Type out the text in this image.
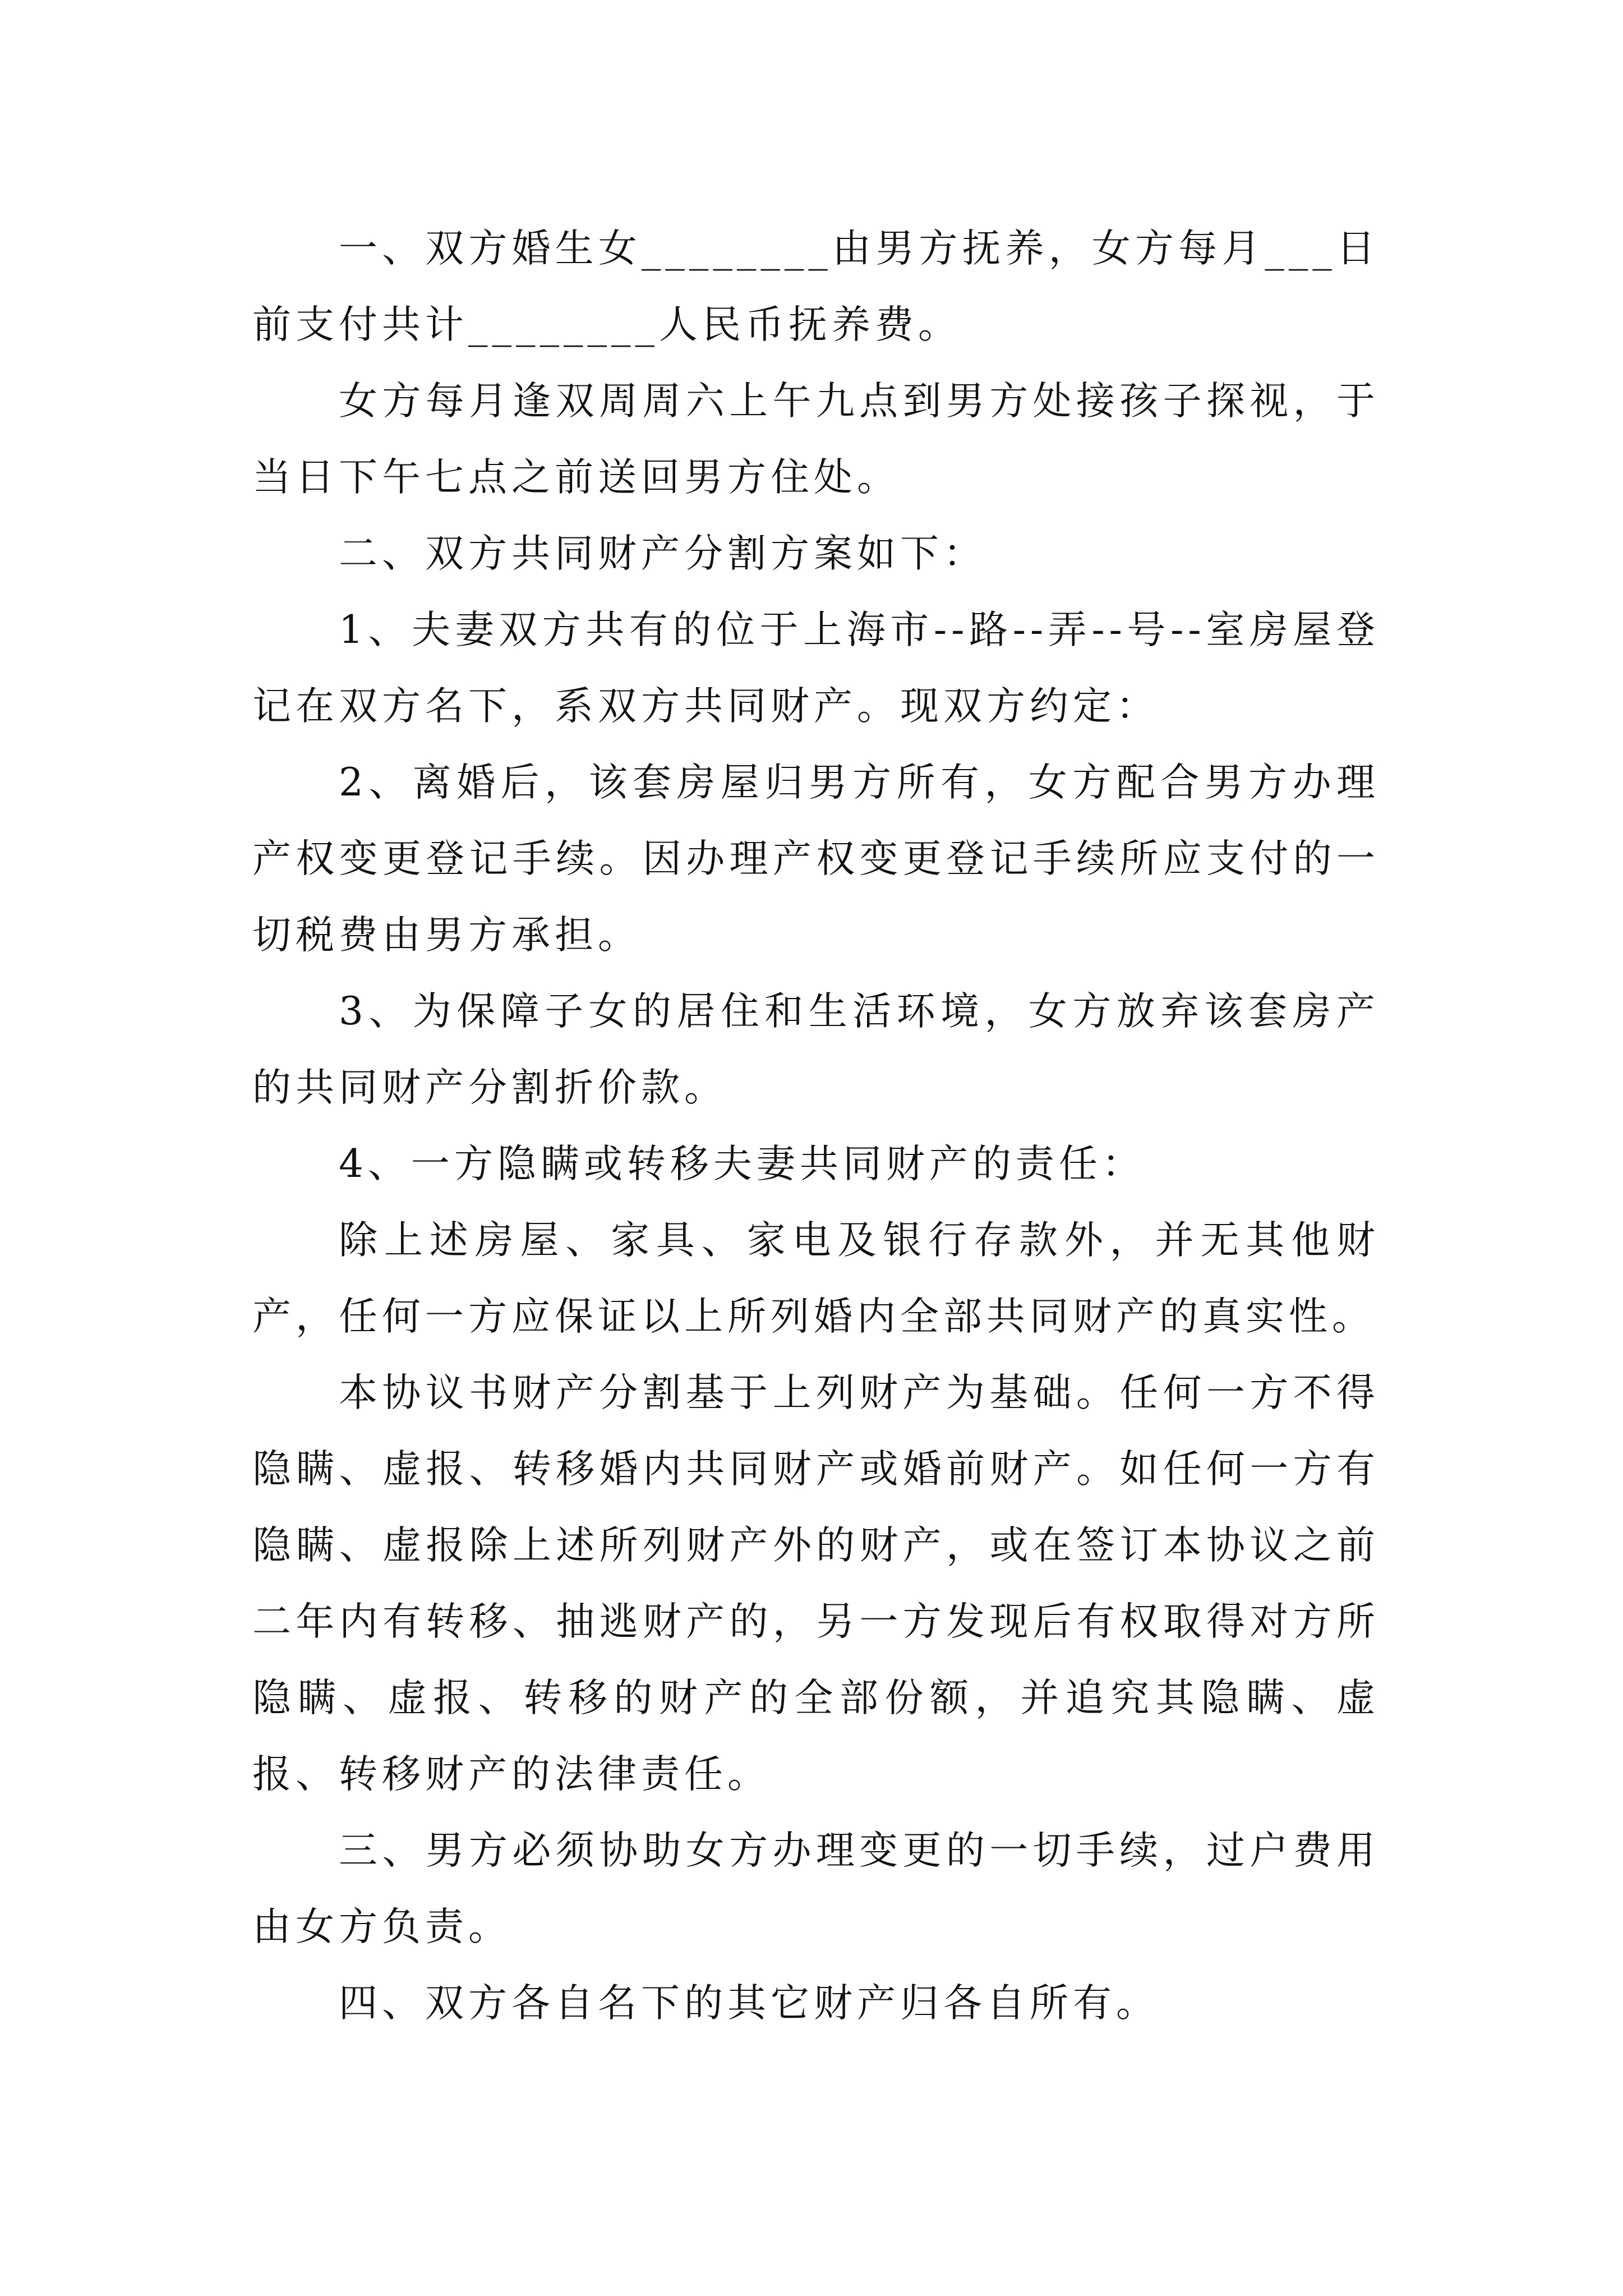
一、双方婚生女________由男方抚养，女方每月___日前支付共计________人民币抚养费。

女方每月逢双周周六上午九点到男方处接孩子探视，于当日下午七点之前送回男方住处。

二、双方共同财产分割方案如下：

1、夫妻双方共有的位于上海市--路--弄--号--室房屋登记在双方名下，系双方共同财产。现双方约定：

2、离婚后，该套房屋归男方所有，女方配合男方办理产权变更登记手续。因办理产权变更登记手续所应支付的一切税费由男方承担。

3、为保障子女的居住和生活环境，女方放弃该套房产的共同财产分割折价款。

4、一方隐瞒或转移夫妻共同财产的责任：

除上述房屋、家具、家电及银行存款外，并无其他财产，任何一方应保证以上所列婚内全部共同财产的真实性。

本协议书财产分割基于上列财产为基础。任何一方不得隐瞒、虚报、转移婚内共同财产或婚前财产。如任何一方有隐瞒、虚报除上述所列财产外的财产，或在签订本协议之前二年内有转移、抽逃财产的，另一方发现后有权取得对方所隐瞒、虚报、转移的财产的全部份额，并追究其隐瞒、虚报、转移财产的法律责任。

三、男方必须协助女方办理变更的一切手续，过户费用由女方负责。

四、双方各自名下的其它财产归各自所有。
